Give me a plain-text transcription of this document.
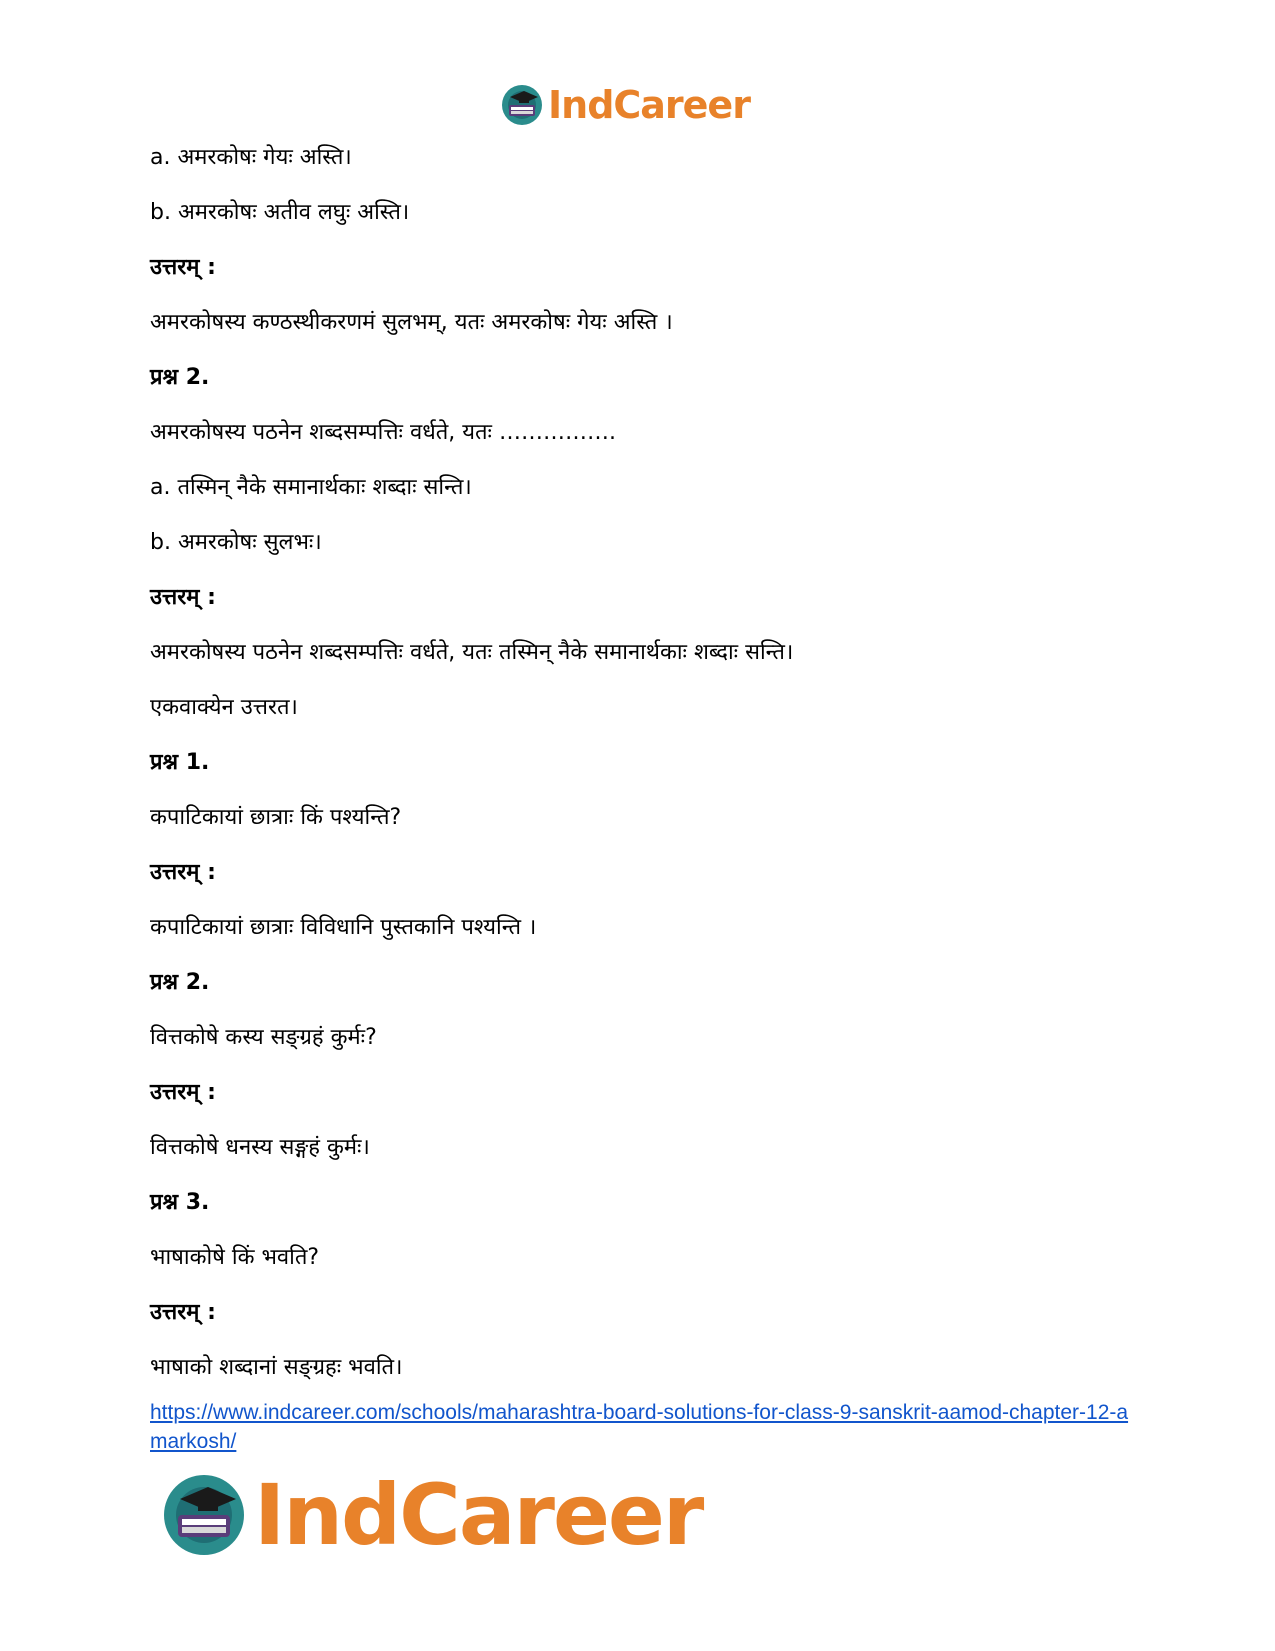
IndCareer
a. अमरकोषः गेयः अस्ति।
b. अमरकोषः अतीव लघुः अस्ति।
उत्तरम् :
अमरकोषस्य कण्ठस्थीकरणमं सुलभम्, यतः अमरकोषः गेयः अस्ति ।
प्रश्न 2.
अमरकोषस्य पठनेन शब्दसम्पत्तिः वर्धते, यतः …………….
a. तस्मिन् नैके समानार्थकाः शब्दाः सन्ति।
b. अमरकोषः सुलभः।
उत्तरम् :
अमरकोषस्य पठनेन शब्दसम्पत्तिः वर्धते, यतः तस्मिन् नैके समानार्थकाः शब्दाः सन्ति।
एकवाक्येन उत्तरत।
प्रश्न 1.
कपाटिकायां छात्राः किं पश्यन्ति?
उत्तरम् :
कपाटिकायां छात्राः विविधानि पुस्तकानि पश्यन्ति ।
प्रश्न 2.
वित्तकोषे कस्य सङ्ग्रहं कुर्मः?
उत्तरम् :
वित्तकोषे धनस्य सङ्गहं कुर्मः।
प्रश्न 3.
भाषाकोषे किं भवति?
उत्तरम् :
भाषाको शब्दानां सङ्ग्रहः भवति।
https://www.indcareer.com/schools/maharashtra-board-solutions-for-class-9-sanskrit-aamod-chapter-12-amarkosh/
IndCareer
